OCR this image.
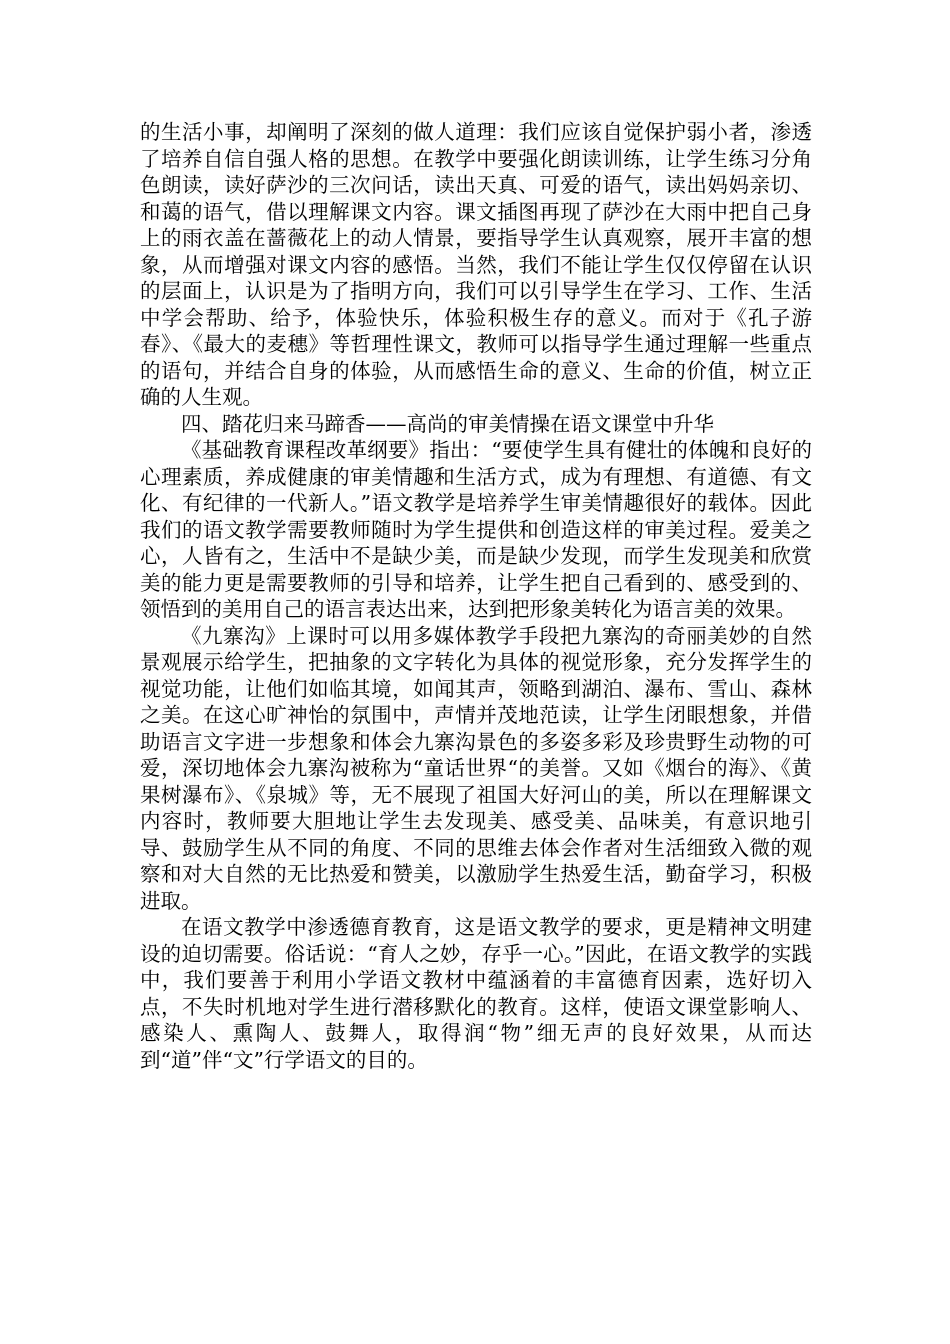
的生活小事，却阐明了深刻的做人道理：我们应该自觉保护弱小者，渗透了培养自信自强人格的思想。在教学中要强化朗读训练，让学生练习分角色朗读，读好萨沙的三次问话，读出天真、可爱的语气，读出妈妈亲切、和蔼的语气，借以理解课文内容。课文插图再现了萨沙在大雨中把自己身上的雨衣盖在蔷薇花上的动人情景，要指导学生认真观察，展开丰富的想象，从而增强对课文内容的感悟。当然，我们不能让学生仅仅停留在认识的层面上，认识是为了指明方向，我们可以引导学生在学习、工作、生活中学会帮助、给予，体验快乐，体验积极生存的意义。而对于《孔子游春》、《最大的麦穗》等哲理性课文，教师可以指导学生通过理解一些重点的语句，并结合自身的体验，从而感悟生命的意义、生命的价值，树立正确的人生观。

四、踏花归来马蹄香——高尚的审美情操在语文课堂中升华

《基础教育课程改革纲要》指出：“要使学生具有健壮的体魄和良好的心理素质，养成健康的审美情趣和生活方式，成为有理想、有道德、有文化、有纪律的一代新人。”语文教学是培养学生审美情趣很好的载体。因此我们的语文教学需要教师随时为学生提供和创造这样的审美过程。爱美之心，人皆有之，生活中不是缺少美，而是缺少发现，而学生发现美和欣赏美的能力更是需要教师的引导和培养，让学生把自己看到的、感受到的、领悟到的美用自己的语言表达出来，达到把形象美转化为语言美的效果。

《九寨沟》上课时可以用多媒体教学手段把九寨沟的奇丽美妙的自然景观展示给学生，把抽象的文字转化为具体的视觉形象，充分发挥学生的视觉功能，让他们如临其境，如闻其声，领略到湖泊、瀑布、雪山、森林之美。在这心旷神怡的氛围中，声情并茂地范读，让学生闭眼想象，并借助语言文字进一步想象和体会九寨沟景色的多姿多彩及珍贵野生动物的可爱，深切地体会九寨沟被称为“童话世界“的美誉。又如《烟台的海》、《黄果树瀑布》、《泉城》等，无不展现了祖国大好河山的美，所以在理解课文内容时，教师要大胆地让学生去发现美、感受美、品味美，有意识地引导、鼓励学生从不同的角度、不同的思维去体会作者对生活细致入微的观察和对大自然的无比热爱和赞美，以激励学生热爱生活，勤奋学习，积极进取。

在语文教学中渗透德育教育，这是语文教学的要求，更是精神文明建设的迫切需要。俗话说：“育人之妙，存乎一心。”因此，在语文教学的实践中，我们要善于利用小学语文教材中蕴涵着的丰富德育因素，选好切入点，不失时机地对学生进行潜移默化的教育。这样，使语文课堂影响人、感染人、熏陶人、鼓舞人，取得润“物”细无声的良好效果，从而达到“道”伴“文”行学语文的目的。
